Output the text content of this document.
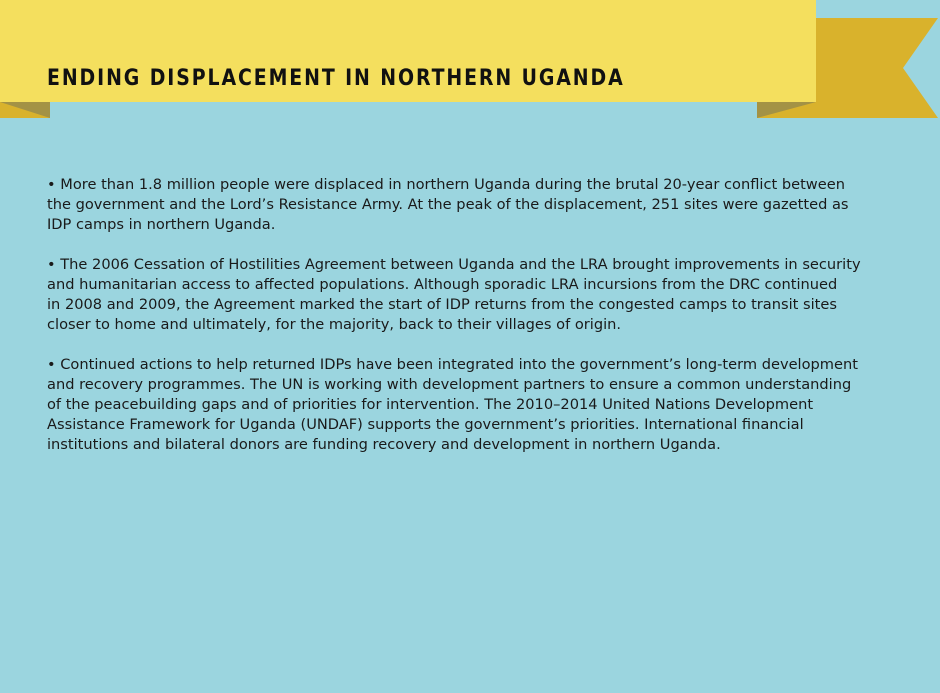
ENDING DISPLACEMENT IN NORTHERN UGANDA

• More than 1.8 million people were displaced in northern Uganda during the brutal 20-year conflict between
the government and the Lord’s Resistance Army. At the peak of the displacement, 251 sites were gazetted as
IDP camps in northern Uganda.

• The 2006 Cessation of Hostilities Agreement between Uganda and the LRA brought improvements in security
and humanitarian access to affected populations. Although sporadic LRA incursions from the DRC continued
in 2008 and 2009, the Agreement marked the start of IDP returns from the congested camps to transit sites
closer to home and ultimately, for the majority, back to their villages of origin.

• Continued actions to help returned IDPs have been integrated into the government’s long-term development
and recovery programmes. The UN is working with development partners to ensure a common understanding
of the peacebuilding gaps and of priorities for intervention. The 2010–2014 United Nations Development
Assistance Framework for Uganda (UNDAF) supports the government’s priorities. International financial
institutions and bilateral donors are funding recovery and development in northern Uganda.
